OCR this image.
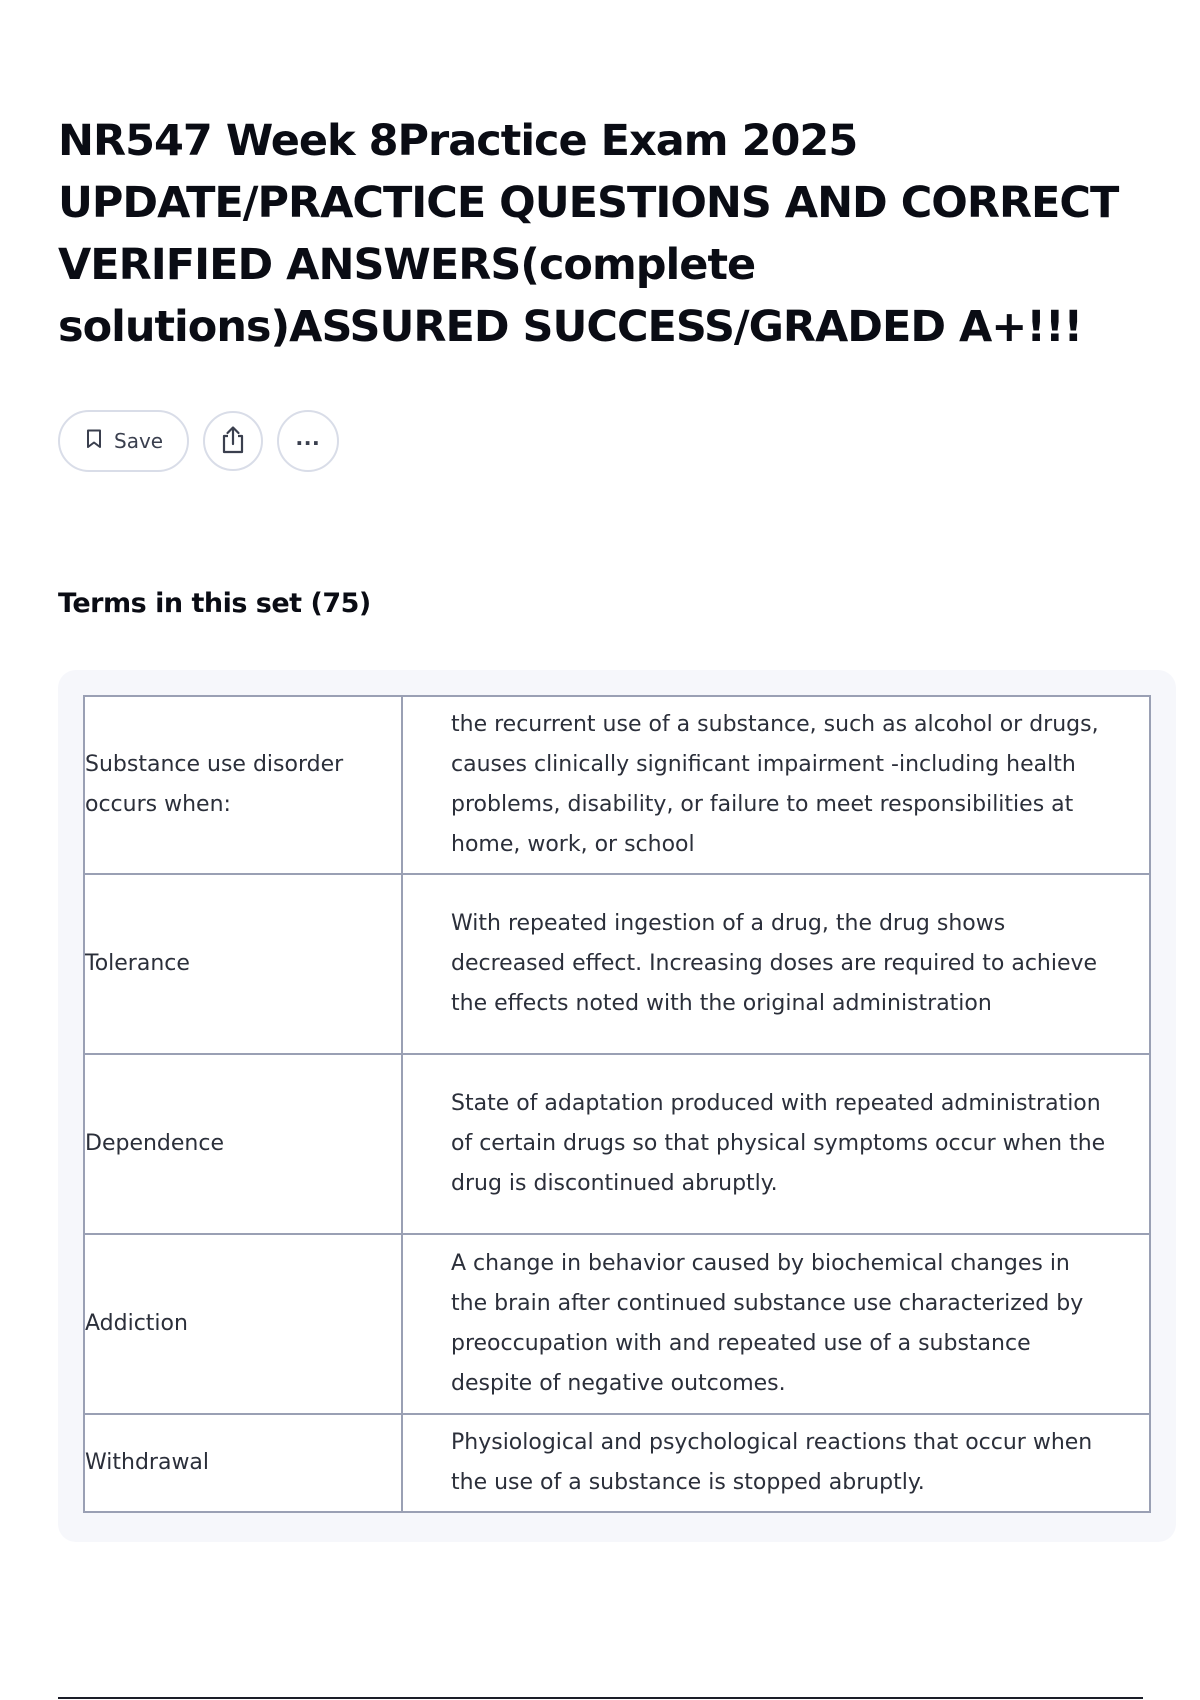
NR547 Week 8Practice Exam 2025 UPDATE/PRACTICE QUESTIONS AND CORRECT VERIFIED ANSWERS(complete solutions)ASSURED SUCCESS/GRADED A+!!!
Save	…
Terms in this set (75)
Substance use disorder occurs when:	the recurrent use of a substance, such as alcohol or drugs, causes clinically significant impairment -including health problems, disability, or failure to meet responsibilities at home, work, or school
Tolerance	With repeated ingestion of a drug, the drug shows decreased effect. Increasing doses are required to achieve the effects noted with the original administration
Dependence	State of adaptation produced with repeated administration of certain drugs so that physical symptoms occur when the drug is discontinued abruptly.
Addiction	A change in behavior caused by biochemical changes in the brain after continued substance use characterized by preoccupation with and repeated use of a substance despite of negative outcomes.
Withdrawal	Physiological and psychological reactions that occur when the use of a substance is stopped abruptly.
